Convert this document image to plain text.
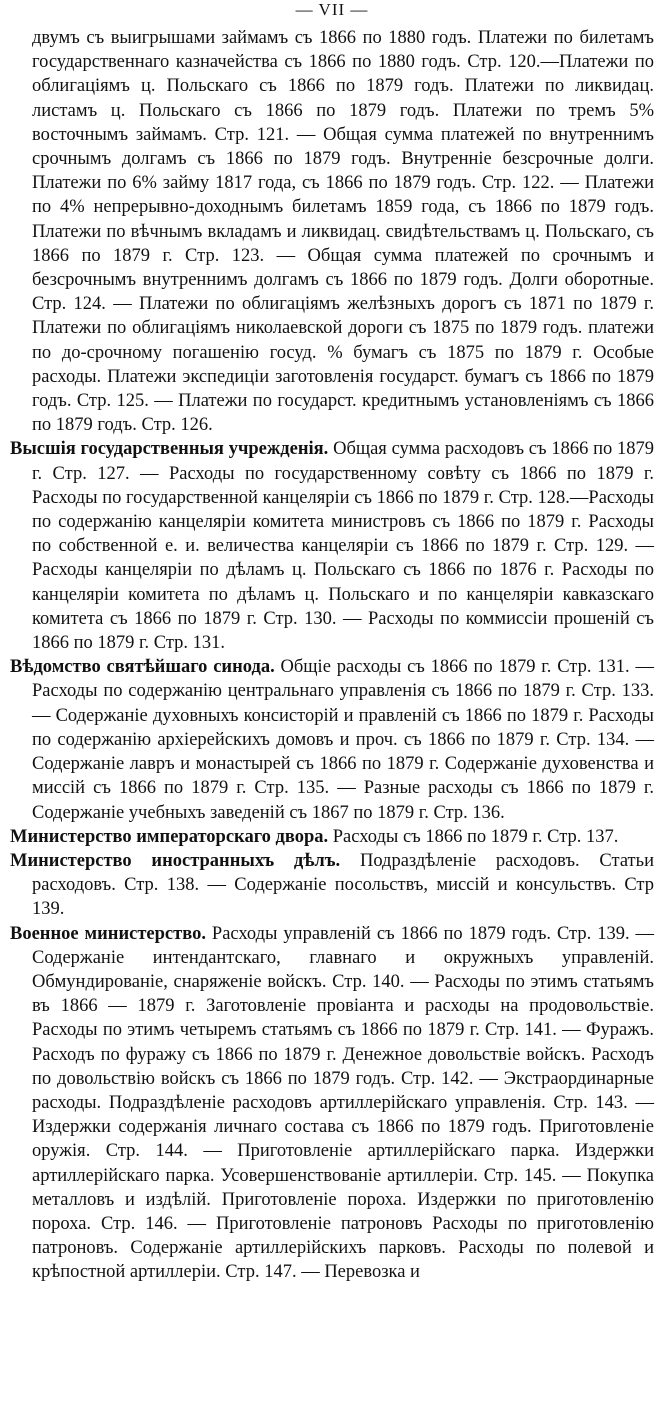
— VII —

двумъ съ выигрышами займамъ съ 1866 по 1880 годъ. Платежи по билетамъ государственнаго казначейства съ 1866 по 1880 годъ. Стр. 120.—Платежи по облигаціямъ ц. Польскаго съ 1866 по 1879 годъ. Платежи по ликвидац. листамъ ц. Польскаго съ 1866 по 1879 годъ. Платежи по тремъ 5% восточнымъ займамъ. Стр. 121. — Общая сумма платежей по внутреннимъ срочнымъ долгамъ съ 1866 по 1879 годъ. Внутреннiе безсрочные долги. Платежи по 6% займу 1817 года, съ 1866 по 1879 годъ. Стр. 122. — Платежи по 4% непрерывно-доходнымъ билетамъ 1859 года, съ 1866 по 1879 годъ. Платежи по вѣчнымъ вкладамъ и ликвидац. свидѣтельствамъ ц. Польскаго, съ 1866 по 1879 г. Стр. 123. — Общая сумма платежей по срочнымъ и безсрочнымъ внутреннимъ долгамъ съ 1866 по 1879 годъ. Долги оборотные. Стр. 124. — Платежи по облигаціямъ желѣзныхъ дорогъ съ 1871 по 1879 г. Платежи по облигаціямъ николаевской дороги съ 1875 по 1879 годъ. платежи по до-срочному погашенію госуд. % бумагъ съ 1875 по 1879 г. Особые расходы. Платежи экспедиціи заготовленія государст. бумагъ съ 1866 по 1879 годъ. Стр. 125. — Платежи по государст. кредитнымъ установленіямъ съ 1866 по 1879 годъ. Стр. 126.

Высшія государственныя учрежденія. Общая сумма расходовъ съ 1866 по 1879 г. Стр. 127. — Расходы по государственному совѣту съ 1866 по 1879 г. Расходы по государственной канцеляріи съ 1866 по 1879 г. Стр. 128.—Расходы по содержанію канцеляріи комитета министровъ съ 1866 по 1879 г. Расходы по собственной е. и. величества канцеляріи съ 1866 по 1879 г. Стр. 129. — Расходы канцеляріи по дѣламъ ц. Польскаго съ 1866 по 1876 г. Расходы по канцеляріи комитета по дѣламъ ц. Польскаго и по канцеляріи кавказскаго комитета съ 1866 по 1879 г. Стр. 130. — Расходы по коммиссіи прошеній съ 1866 по 1879 г. Стр. 131.

Вѣдомство святѣйшаго синода. Общіе расходы съ 1866 по 1879 г. Стр. 131. — Расходы по содержанію центральнаго управленія съ 1866 по 1879 г. Стр. 133. — Содержаніе духовныхъ консисторій и правленій съ 1866 по 1879 г. Расходы по содержанію архіерейскихъ домовъ и проч. съ 1866 по 1879 г. Стр. 134. — Содержаніе лавръ и монастырей съ 1866 по 1879 г. Содержаніе духовенства и миссій съ 1866 по 1879 г. Стр. 135. — Разные расходы съ 1866 по 1879 г. Содержаніе учебныхъ заведеній съ 1867 по 1879 г. Стр. 136.

Министерство императорскаго двора. Расходы съ 1866 по 1879 г. Стр. 137.

Министерство иностранныхъ дѣлъ. Подраздѣленіе расходовъ. Статьи расходовъ. Стр. 138. — Содержаніе посольствъ, миссій и консульствъ. Стр 139.

Военное министерство. Расходы управленій съ 1866 по 1879 годъ. Стр. 139. — Содержаніе интендантскаго, главнаго и окружныхъ управленій. Обмундированіе, снаряженіе войскъ. Стр. 140. — Расходы по этимъ статьямъ въ 1866 — 1879 г. Заготовленіе провіанта и расходы на продовольствіе. Расходы по этимъ четыремъ статьямъ съ 1866 по 1879 г. Стр. 141. — Фуражъ. Расходъ по фуражу съ 1866 по 1879 г. Денежное довольствіе войскъ. Расходъ по довольствію войскъ съ 1866 по 1879 годъ. Стр. 142. — Экстраординарные расходы. Подраздѣленіе расходовъ артиллерійскаго управленія. Стр. 143. — Издержки содержанія личнаго состава съ 1866 по 1879 годъ. Приготовленіе оружія. Стр. 144. — Приготовленіе артиллерійскаго парка. Издержки артиллерійскаго парка. Усовершенствованіе артиллеріи. Стр. 145. — Покупка металловъ и издѣлій. Приготовленіе пороха. Издержки по приготовленію пороха. Стр. 146. — Приготовленіе патроновъ Расходы по приготовленію патроновъ. Содержаніе артиллерійскихъ парковъ. Расходы по полевой и крѣпостной артиллеріи. Стр. 147. — Перевозка и
